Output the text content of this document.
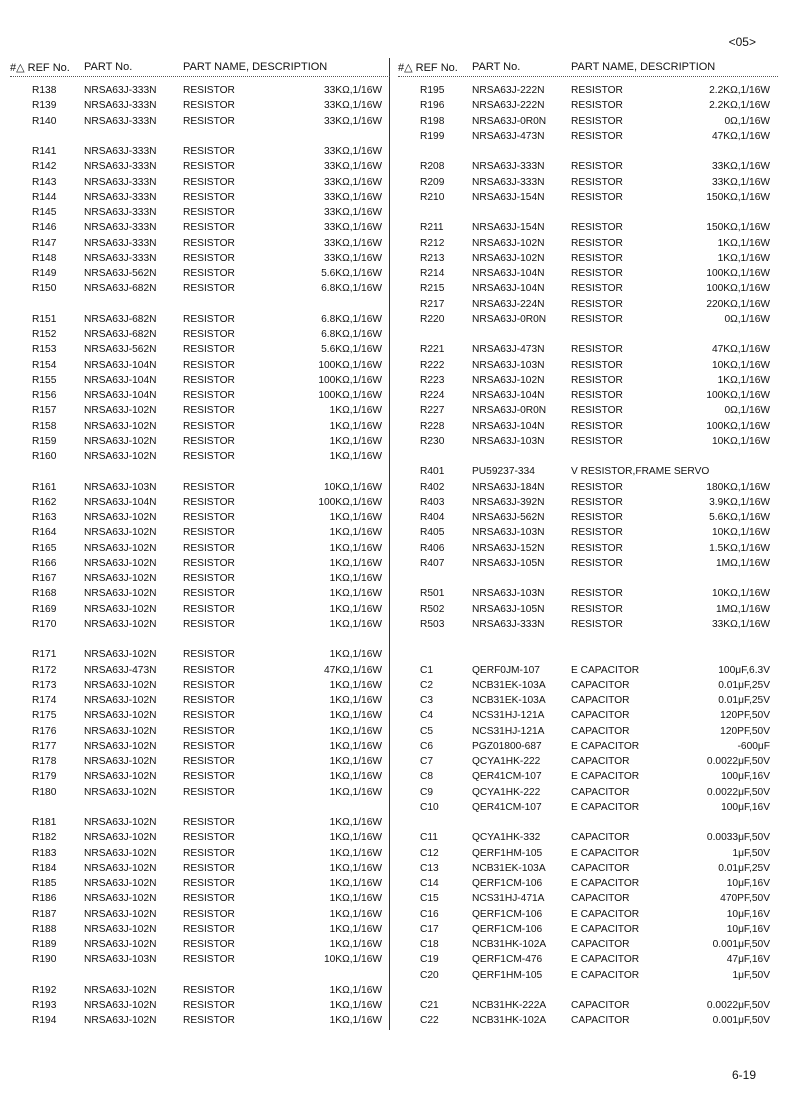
<05>
#△ REF No. PART No.	PART NAME, DESCRIPTION
R138	NRSA63J-333N	RESISTOR	33KΩ,1/16W
R139	NRSA63J-333N	RESISTOR	33KΩ,1/16W
R140	NRSA63J-333N	RESISTOR	33KΩ,1/16W
R141	NRSA63J-333N	RESISTOR	33KΩ,1/16W
R142	NRSA63J-333N	RESISTOR	33KΩ,1/16W
R143	NRSA63J-333N	RESISTOR	33KΩ,1/16W
R144	NRSA63J-333N	RESISTOR	33KΩ,1/16W
R145	NRSA63J-333N	RESISTOR	33KΩ,1/16W
R146	NRSA63J-333N	RESISTOR	33KΩ,1/16W
R147	NRSA63J-333N	RESISTOR	33KΩ,1/16W
R148	NRSA63J-333N	RESISTOR	33KΩ,1/16W
R149	NRSA63J-562N	RESISTOR	5.6KΩ,1/16W
R150	NRSA63J-682N	RESISTOR	6.8KΩ,1/16W
R151	NRSA63J-682N	RESISTOR	6.8KΩ,1/16W
R152	NRSA63J-682N	RESISTOR	6.8KΩ,1/16W
R153	NRSA63J-562N	RESISTOR	5.6KΩ,1/16W
R154	NRSA63J-104N	RESISTOR	100KΩ,1/16W
R155	NRSA63J-104N	RESISTOR	100KΩ,1/16W
R156	NRSA63J-104N	RESISTOR	100KΩ,1/16W
R157	NRSA63J-102N	RESISTOR	1KΩ,1/16W
R158	NRSA63J-102N	RESISTOR	1KΩ,1/16W
R159	NRSA63J-102N	RESISTOR	1KΩ,1/16W
R160	NRSA63J-102N	RESISTOR	1KΩ,1/16W
R161	NRSA63J-103N	RESISTOR	10KΩ,1/16W
R162	NRSA63J-104N	RESISTOR	100KΩ,1/16W
R163	NRSA63J-102N	RESISTOR	1KΩ,1/16W
R164	NRSA63J-102N	RESISTOR	1KΩ,1/16W
R165	NRSA63J-102N	RESISTOR	1KΩ,1/16W
R166	NRSA63J-102N	RESISTOR	1KΩ,1/16W
R167	NRSA63J-102N	RESISTOR	1KΩ,1/16W
R168	NRSA63J-102N	RESISTOR	1KΩ,1/16W
R169	NRSA63J-102N	RESISTOR	1KΩ,1/16W
R170	NRSA63J-102N	RESISTOR	1KΩ,1/16W
R171	NRSA63J-102N	RESISTOR	1KΩ,1/16W
R172	NRSA63J-473N	RESISTOR	47KΩ,1/16W
R173	NRSA63J-102N	RESISTOR	1KΩ,1/16W
R174	NRSA63J-102N	RESISTOR	1KΩ,1/16W
R175	NRSA63J-102N	RESISTOR	1KΩ,1/16W
R176	NRSA63J-102N	RESISTOR	1KΩ,1/16W
R177	NRSA63J-102N	RESISTOR	1KΩ,1/16W
R178	NRSA63J-102N	RESISTOR	1KΩ,1/16W
R179	NRSA63J-102N	RESISTOR	1KΩ,1/16W
R180	NRSA63J-102N	RESISTOR	1KΩ,1/16W
R181	NRSA63J-102N	RESISTOR	1KΩ,1/16W
R182	NRSA63J-102N	RESISTOR	1KΩ,1/16W
R183	NRSA63J-102N	RESISTOR	1KΩ,1/16W
R184	NRSA63J-102N	RESISTOR	1KΩ,1/16W
R185	NRSA63J-102N	RESISTOR	1KΩ,1/16W
R186	NRSA63J-102N	RESISTOR	1KΩ,1/16W
R187	NRSA63J-102N	RESISTOR	1KΩ,1/16W
R188	NRSA63J-102N	RESISTOR	1KΩ,1/16W
R189	NRSA63J-102N	RESISTOR	1KΩ,1/16W
R190	NRSA63J-103N	RESISTOR	10KΩ,1/16W
R192	NRSA63J-102N	RESISTOR	1KΩ,1/16W
R193	NRSA63J-102N	RESISTOR	1KΩ,1/16W
R194	NRSA63J-102N	RESISTOR	1KΩ,1/16W
#△ REF No. PART No.	PART NAME, DESCRIPTION
R195	NRSA63J-222N	RESISTOR	2.2KΩ,1/16W
R196	NRSA63J-222N	RESISTOR	2.2KΩ,1/16W
R198	NRSA63J-0R0N RESISTOR	0Ω,1/16W
R199	NRSA63J-473N	RESISTOR	47KΩ,1/16W
R208	NRSA63J-333N	RESISTOR	33KΩ,1/16W
R209	NRSA63J-333N	RESISTOR	33KΩ,1/16W
R210	NRSA63J-154N	RESISTOR	150KΩ,1/16W
R211	NRSA63J-154N	RESISTOR	150KΩ,1/16W
R212	NRSA63J-102N	RESISTOR	1KΩ,1/16W
R213	NRSA63J-102N	RESISTOR	1KΩ,1/16W
R214	NRSA63J-104N	RESISTOR	100KΩ,1/16W
R215	NRSA63J-104N	RESISTOR	100KΩ,1/16W
R217	NRSA63J-224N	RESISTOR	220KΩ,1/16W
R220	NRSA63J-0R0N RESISTOR	0Ω,1/16W
R221	NRSA63J-473N	RESISTOR	47KΩ,1/16W
R222	NRSA63J-103N	RESISTOR	10KΩ,1/16W
R223	NRSA63J-102N	RESISTOR	1KΩ,1/16W
R224	NRSA63J-104N	RESISTOR	100KΩ,1/16W
R227	NRSA63J-0R0N RESISTOR	0Ω,1/16W
R228	NRSA63J-104N	RESISTOR	100KΩ,1/16W
R230	NRSA63J-103N	RESISTOR	10KΩ,1/16W
R401	PU59237-334	V RESISTOR,FRAME SERVO
R402	NRSA63J-184N	RESISTOR	180KΩ,1/16W
R403	NRSA63J-392N	RESISTOR	3.9KΩ,1/16W
R404	NRSA63J-562N	RESISTOR	5.6KΩ,1/16W
R405	NRSA63J-103N	RESISTOR	10KΩ,1/16W
R406	NRSA63J-152N	RESISTOR	1.5KΩ,1/16W
R407	NRSA63J-105N	RESISTOR	1MΩ,1/16W
R501	NRSA63J-103N	RESISTOR	10KΩ,1/16W
R502	NRSA63J-105N	RESISTOR	1MΩ,1/16W
R503	NRSA63J-333N	RESISTOR	33KΩ,1/16W
C1	QERF0JM-107	E CAPACITOR	100μF,6.3V
C2	NCB31EK-103A CAPACITOR	0.01μF,25V
C3	NCB31EK-103A CAPACITOR	0.01μF,25V
C4	NCS31HJ-121A	CAPACITOR	120PF,50V
C5	NCS31HJ-121A	CAPACITOR	120PF,50V
C6	PGZ01800-687	E CAPACITOR	-600μF
C7	QCYA1HK-222	CAPACITOR	0.0022μF,50V
C8	QER41CM-107	E CAPACITOR	100μF,16V
C9	QCYA1HK-222	CAPACITOR	0.0022μF,50V
C10	QER41CM-107	E CAPACITOR	100μF,16V
C11	QCYA1HK-332	CAPACITOR	0.0033μF,50V
C12	QERF1HM-105	E CAPACITOR	1μF,50V
C13	NCB31EK-103A CAPACITOR	0.01μF,25V
C14	QERF1CM-106	E CAPACITOR	10μF,16V
C15	NCS31HJ-471A	CAPACITOR	470PF,50V
C16	QERF1CM-106	E CAPACITOR	10μF,16V
C17	QERF1CM-106	E CAPACITOR	10μF,16V
C18	NCB31HK-102A CAPACITOR	0.001μF,50V
C19	QERF1CM-476	E CAPACITOR	47μF,16V
C20	QERF1HM-105	E CAPACITOR	1μF,50V
C21	NCB31HK-222A CAPACITOR	0.0022μF,50V
C22	NCB31HK-102A CAPACITOR	0.001μF,50V
6-19
